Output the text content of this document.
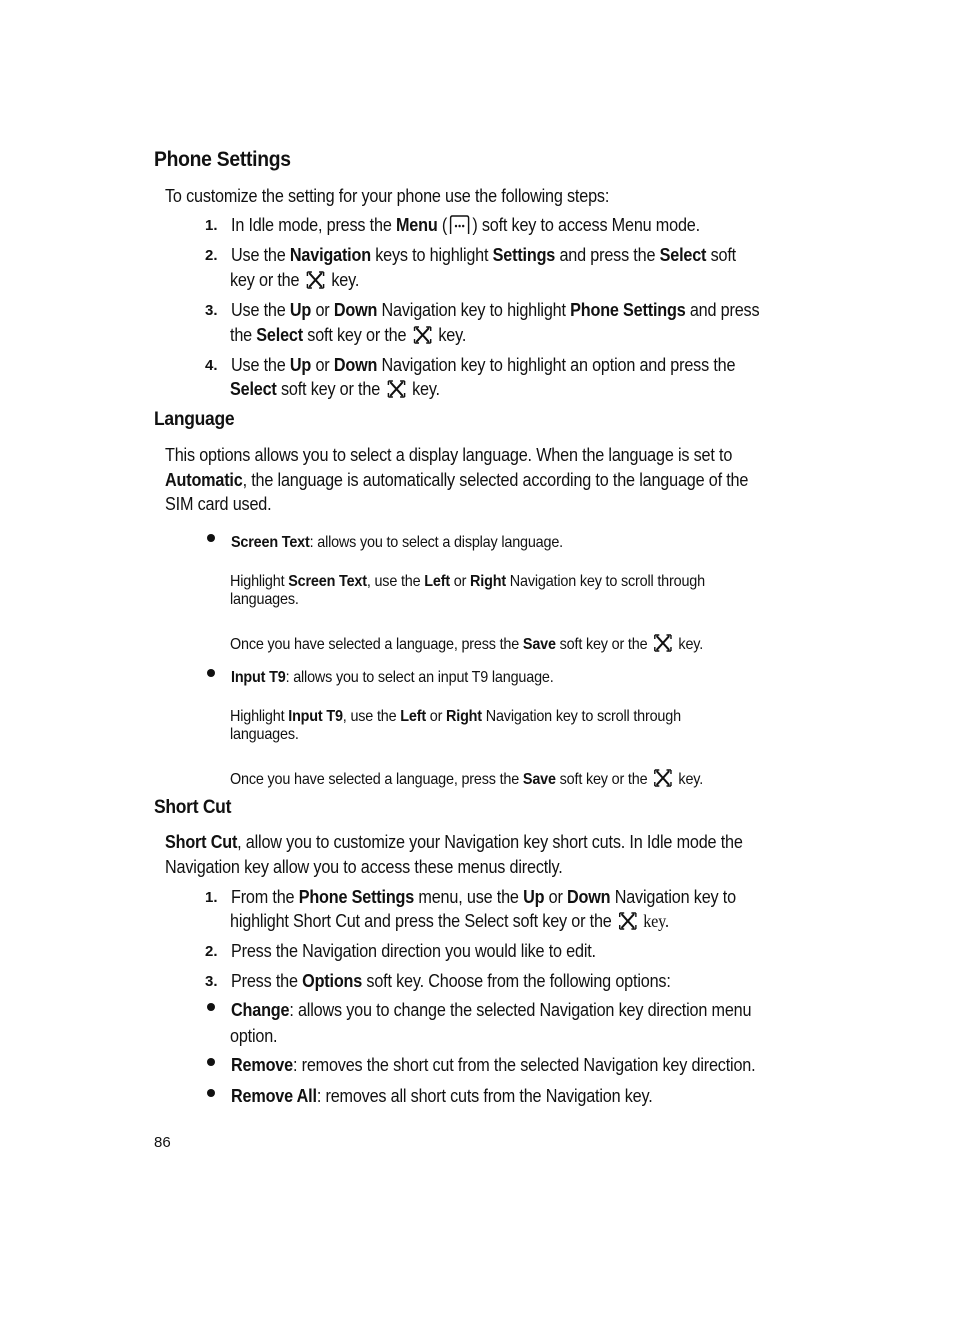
Phone Settings
To customize the setting for your phone use the following steps:
1. In Idle mode, press the Menu ( ) soft key to access Menu mode.
2. Use the Navigation keys to highlight Settings and press the Select soft
key or the  key.
3. Use the Up or Down Navigation key to highlight Phone Settings and press
the Select soft key or the  key.
4. Use the Up or Down Navigation key to highlight an option and press the
Select soft key or the  key.
Language
This options allows you to select a display language. When the language is set to
Automatic, the language is automatically selected according to the language of the
SIM card used.
Screen Text: allows you to select a display language.
Highlight Screen Text, use the Left or Right Navigation key to scroll through
languages.
Once you have selected a language, press the Save soft key or the  key.
Input T9: allows you to select an input T9 language.
Highlight Input T9, use the Left or Right Navigation key to scroll through
languages.
Once you have selected a language, press the Save soft key or the  key.
Short Cut
Short Cut, allow you to customize your Navigation key short cuts. In Idle mode the
Navigation key allow you to access these menus directly.
1. From the Phone Settings menu, use the Up or Down Navigation key to
highlight Short Cut and press the Select soft key or the  key.
2. Press the Navigation direction you would like to edit.
3. Press the Options soft key. Choose from the following options:
Change: allows you to change the selected Navigation key direction menu
option.
Remove: removes the short cut from the selected Navigation key direction.
Remove All: removes all short cuts from the Navigation key.
86
